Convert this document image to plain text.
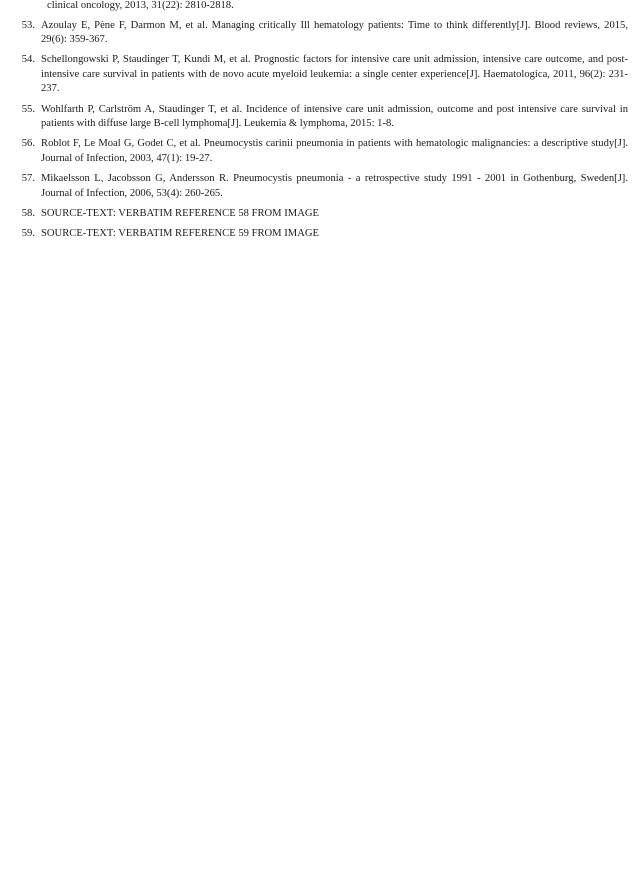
clinical oncology, 2013, 31(22): 2810-2818.
53. Azoulay E, Pène F, Darmon M, et al. Managing critically Ill hematology patients: Time to think differently[J]. Blood reviews, 2015, 29(6): 359-367.
54. Schellongowski P, Staudinger T, Kundi M, et al. Prognostic factors for intensive care unit admission, intensive care outcome, and post-intensive care survival in patients with de novo acute myeloid leukemia: a single center experience[J]. Haematologica, 2011, 96(2): 231-237.
55. Wohlfarth P, Carlström A, Staudinger T, et al. Incidence of intensive care unit admission, outcome and post intensive care survival in patients with diffuse large B-cell lymphoma[J]. Leukemia & lymphoma, 2015: 1-8.
56. Roblot F, Le Moal G, Godet C, et al. Pneumocystis carinii pneumonia in patients with hematologic malignancies: a descriptive study[J]. Journal of Infection, 2003, 47(1): 19-27.
57. Mikaelsson L, Jacobsson G, Andersson R. Pneumocystis pneumonia - a retrospective study 1991 - 2001 in Gothenburg, Sweden[J]. Journal of Infection, 2006, 53(4): 260-265.
58. SOURCE-TEXT: VERBATIM REFERENCE 58 FROM IMAGE
59. SOURCE-TEXT: VERBATIM REFERENCE 59 FROM IMAGE
